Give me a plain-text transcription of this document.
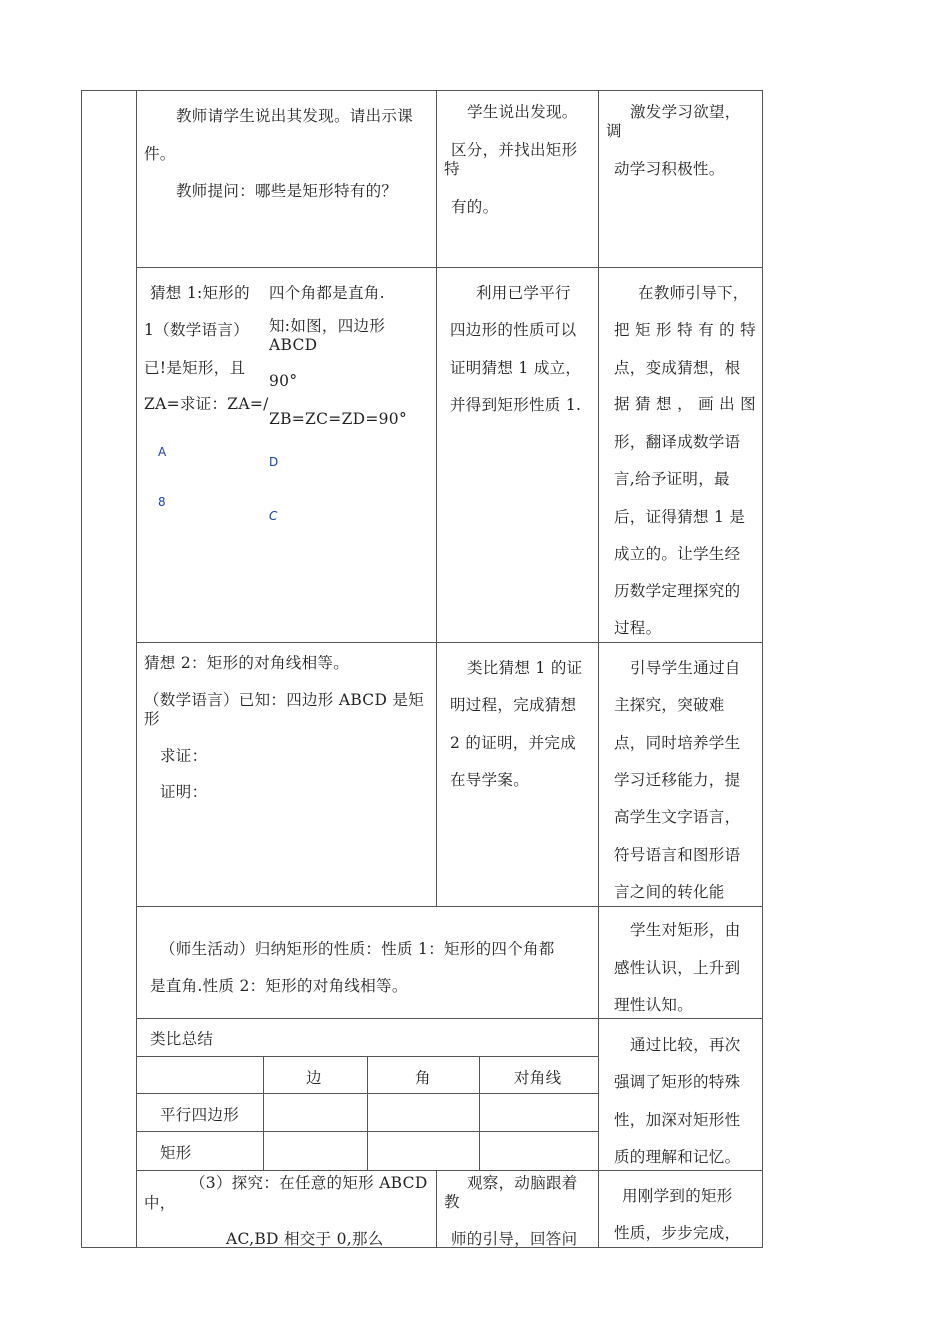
教师请学生说出其发现。请出示课
件。
教师提问：哪些是矩形特有的？
学生说出发现。
区分，并找出矩形
特
有的。
激发学习欲望，
调
动学习积极性。
猜想 1:矩形的
1（数学语言）
已!是矩形，且
ZA=求证：ZA=/
四个角都是直角.
知:如图，四边形
ABCD
90°
ZB=ZC=ZD=90°
A
8
D
C
利用已学平行
四边形的性质可以
证明猜想 1 成立，
并得到矩形性质 1.
在教师引导下，
把 矩 形 特 有 的 特
点，变成猜想，根
据 猜 想 ， 画 出 图
形，翻译成数学语
言,给予证明，最
后，证得猜想 1 是
成立的。让学生经
历数学定理探究的
过程。
猜想 2：矩形的对角线相等。
（数学语言）已知：四边形 ABCD 是矩
形
求证：
证明：
类比猜想 1 的证
明过程，完成猜想
2 的证明，并完成
在导学案。
引导学生通过自
主探究，突破难
点，同时培养学生
学习迁移能力，提
高学生文字语言，
符号语言和图形语
言之间的转化能
（师生活动）归纳矩形的性质：性质 1：矩形的四个角都
是直角.性质 2：矩形的对角线相等。
学生对矩形，由
感性认识，上升到
理性认知。
类比总结
边	角	对角线
平行四边形
矩形
通过比较，再次
强调了矩形的特殊
性，加深对矩形性
质的理解和记忆。
（3）探究：在任意的矩形 ABCD
中，
AC,BD 相交于 0,那么
观察，动脑跟着
教
师的引导，回答问
用刚学到的矩形
性质，步步完成，
